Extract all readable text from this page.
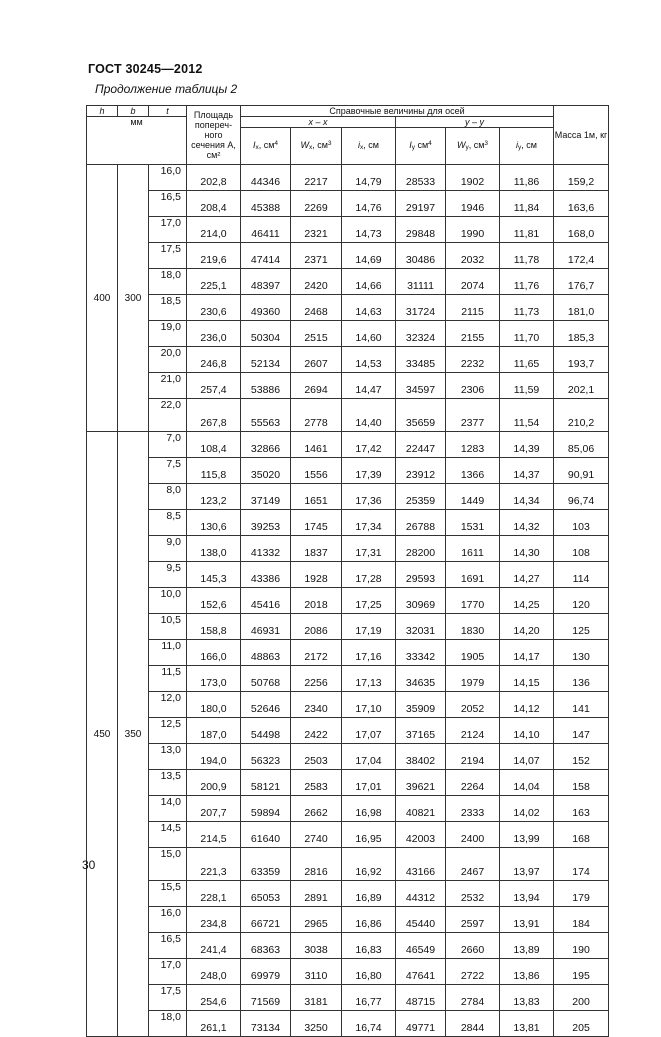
ГОСТ 30245—2012
Продолжение таблицы 2
h	b	t	Площадь попереч-ного сечения A, см²	Справочные величины для осей						Масса 1м, кг
мм				x – x			y – y			
				$I_x$, $см^4$	$W_x$, $см^3$	$i_x$, см	$I_y$ $см^4$	$W_y$, $см^3$	$i_y$, см	
400	300	16,0	202,8	44346	2217	14,79	28533	1902	11,86	159,2
		16,5	208,4	45388	2269	14,76	29197	1946	11,84	163,6
		17,0	214,0	46411	2321	14,73	29848	1990	11,81	168,0
		17,5	219,6	47414	2371	14,69	30486	2032	11,78	172,4
		18,0	225,1	48397	2420	14,66	31111	2074	11,76	176,7
		18,5	230,6	49360	2468	14,63	31724	2115	11,73	181,0
		19,0	236,0	50304	2515	14,60	32324	2155	11,70	185,3
		20,0	246,8	52134	2607	14,53	33485	2232	11,65	193,7
		21,0	257,4	53886	2694	14,47	34597	2306	11,59	202,1
		22,0	267,8	55563	2778	14,40	35659	2377	11,54	210,2
450	350	7,0	108,4	32866	1461	17,42	22447	1283	14,39	85,06
		7,5	115,8	35020	1556	17,39	23912	1366	14,37	90,91
		8,0	123,2	37149	1651	17,36	25359	1449	14,34	96,74
		8,5	130,6	39253	1745	17,34	26788	1531	14,32	103
		9,0	138,0	41332	1837	17,31	28200	1611	14,30	108
		9,5	145,3	43386	1928	17,28	29593	1691	14,27	114
		10,0	152,6	45416	2018	17,25	30969	1770	14,25	120
		10,5	158,8	46931	2086	17,19	32031	1830	14,20	125
		11,0	166,0	48863	2172	17,16	33342	1905	14,17	130
		11,5	173,0	50768	2256	17,13	34635	1979	14,15	136
		12,0	180,0	52646	2340	17,10	35909	2052	14,12	141
		12,5	187,0	54498	2422	17,07	37165	2124	14,10	147
		13,0	194,0	56323	2503	17,04	38402	2194	14,07	152
		13,5	200,9	58121	2583	17,01	39621	2264	14,04	158
		14,0	207,7	59894	2662	16,98	40821	2333	14,02	163
		14,5	214,5	61640	2740	16,95	42003	2400	13,99	168
		15,0	221,3	63359	2816	16,92	43166	2467	13,97	174
		15,5	228,1	65053	2891	16,89	44312	2532	13,94	179
		16,0	234,8	66721	2965	16,86	45440	2597	13,91	184
		16,5	241,4	68363	3038	16,83	46549	2660	13,89	190
		17,0	248,0	69979	3110	16,80	47641	2722	13,86	195
		17,5	254,6	71569	3181	16,77	48715	2784	13,83	200
		18,0	261,1	73134	3250	16,74	49771	2844	13,81	205
30
